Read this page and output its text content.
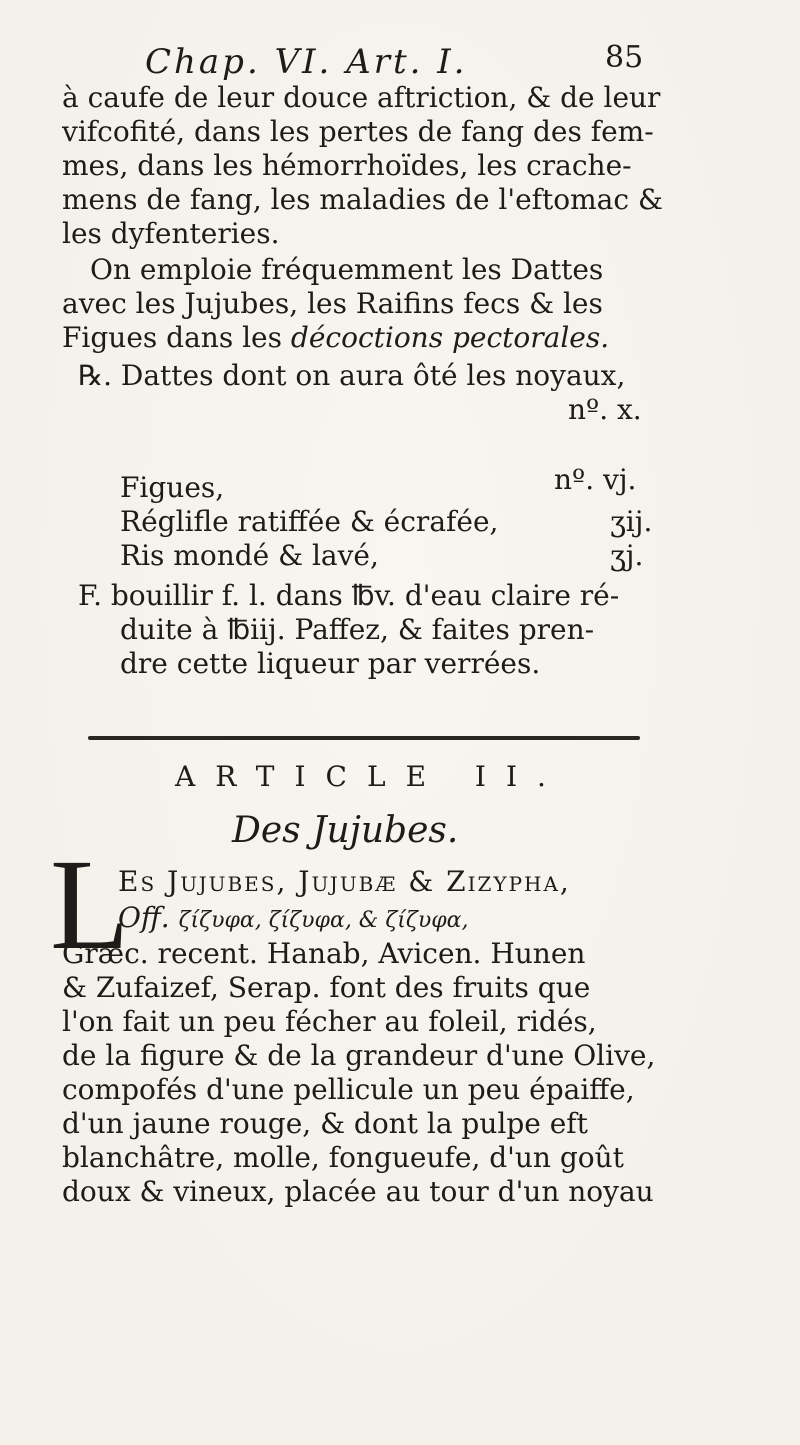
Chap. VI. Art. I.	85
à caufe de leur douce aftriction, & de leur
vifcofité, dans les pertes de fang des fem-
mes, dans les hémorrhoïdes, les crache-
mens de fang, les maladies de l'eftomac &
les dyfenteries.
On emploie fréquemment les Dattes
avec les Jujubes, les Raifins fecs & les
Figues dans les décoctions pectorales.
℞. Dattes dont on aura ôté les noyaux,
nº. x.
Figues,	nº. vj.
Réglifle ratiffée & écrafée,	ʒij.
Ris mondé & lavé,	ʒj.
F. bouillir f. l. dans ℔v. d'eau claire ré-
duite à ℔iij. Paffez, & faites pren-
dre cette liqueur par verrées.
ARTICLE II.
Des Jujubes.
L
Es Jujubes, Jujubæ & Zizypha,
Off. ζίζυφα, ζίζυφα, & ζίζυφα,
Græc. recent. Hanab, Avicen. Hunen
& Zufaizef, Serap. font des fruits que
l'on fait un peu fécher au foleil, ridés,
de la figure & de la grandeur d'une Olive,
compofés d'une pellicule un peu épaiffe,
d'un jaune rouge, & dont la pulpe eft
blanchâtre, molle, fongueufe, d'un goût
doux & vineux, placée au tour d'un noyau
